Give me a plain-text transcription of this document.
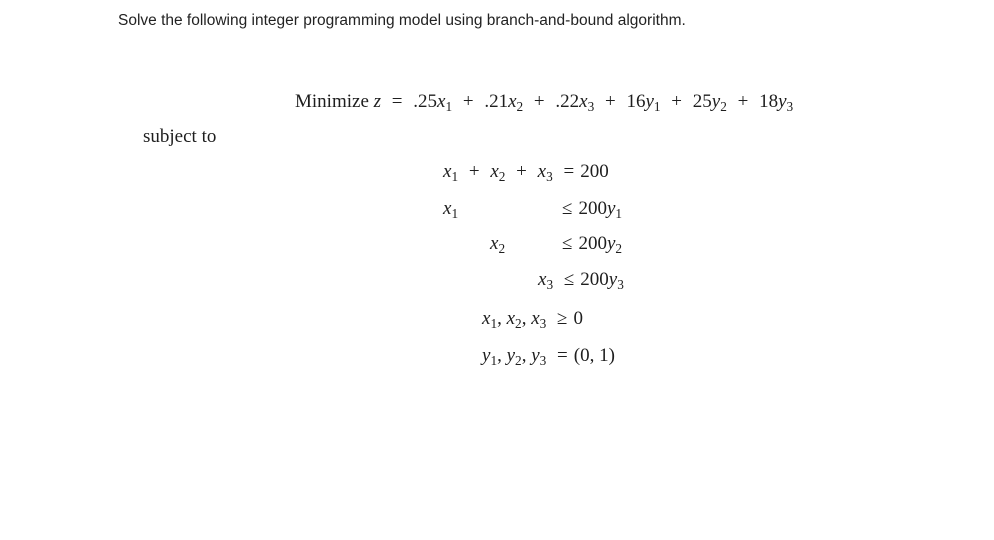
Solve the following integer programming model using branch-and-bound algorithm.
Minimize $z = .25x_1 + .21x_2 + .22x_3 + 16y_1 + 25y_2 + 18y_3$
subject to
$x_1 + x_2 + x_3 = 200$
$x_1$	≤ $200y_1$
$x_2$	≤ $200y_2$
$x_3 \le 200y_3$
$x_1$, $x_2$, $x_3 \ge 0$
$y_1$, $y_2$, $y_3 = (0$, 1)
